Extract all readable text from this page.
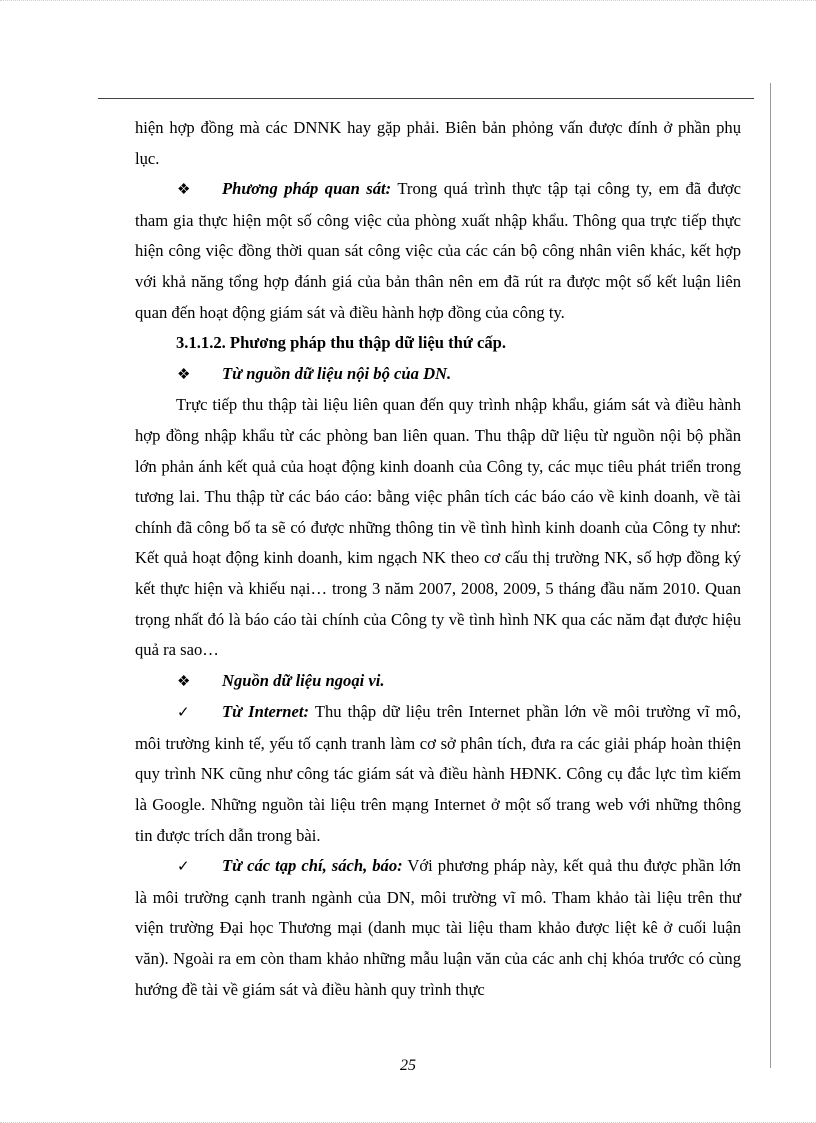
hiện hợp đồng mà các DNNK hay gặp phải. Biên bản phỏng vấn được đính ở phần phụ lục.

❖ Phương pháp quan sát: Trong quá trình thực tập tại công ty, em đã được tham gia thực hiện một số công việc của phòng xuất nhập khẩu. Thông qua trực tiếp thực hiện công việc đồng thời quan sát công việc của các cán bộ công nhân viên khác, kết hợp với khả năng tổng hợp đánh giá của bản thân nên em đã rút ra được một số kết luận liên quan đến hoạt động giám sát và điều hành hợp đồng của công ty.

3.1.1.2. Phương pháp thu thập dữ liệu thứ cấp.

❖ Từ nguồn dữ liệu nội bộ của DN.

Trực tiếp thu thập tài liệu liên quan đến quy trình nhập khẩu, giám sát và điều hành hợp đồng nhập khẩu từ các phòng ban liên quan. Thu thập dữ liệu từ nguồn nội bộ phần lớn phản ánh kết quả của hoạt động kinh doanh của Công ty, các mục tiêu phát triển trong tương lai. Thu thập từ các báo cáo: bằng việc phân tích các báo cáo về kinh doanh, về tài chính đã công bố ta sẽ có được những thông tin về tình hình kinh doanh của Công ty như: Kết quả hoạt động kinh doanh, kim ngạch NK theo cơ cấu thị trường NK, số hợp đồng ký kết thực hiện và khiếu nại… trong 3 năm 2007, 2008, 2009, 5 tháng đầu năm 2010. Quan trọng nhất đó là báo cáo tài chính của Công ty về tình hình NK qua các năm đạt được hiệu quả ra sao…

❖ Nguồn dữ liệu ngoại vi.

✓ Từ Internet: Thu thập dữ liệu trên Internet phần lớn về môi trường vĩ mô, môi trường kinh tế, yếu tố cạnh tranh làm cơ sở phân tích, đưa ra các giải pháp hoàn thiện quy trình NK cũng như công tác giám sát và điều hành HĐNK. Công cụ đắc lực tìm kiếm là Google. Những nguồn tài liệu trên mạng Internet ở một số trang web với những thông tin được trích dẫn trong bài.

✓ Từ các tạp chí, sách, báo: Với phương pháp này, kết quả thu được phần lớn là môi trường cạnh tranh ngành của DN, môi trường vĩ mô. Tham khảo tài liệu trên thư viện trường Đại học Thương mại (danh mục tài liệu tham khảo được liệt kê ở cuối luận văn). Ngoài ra em còn tham khảo những mẫu luận văn của các anh chị khóa trước có cùng hướng đề tài về giám sát và điều hành quy trình thực

25
